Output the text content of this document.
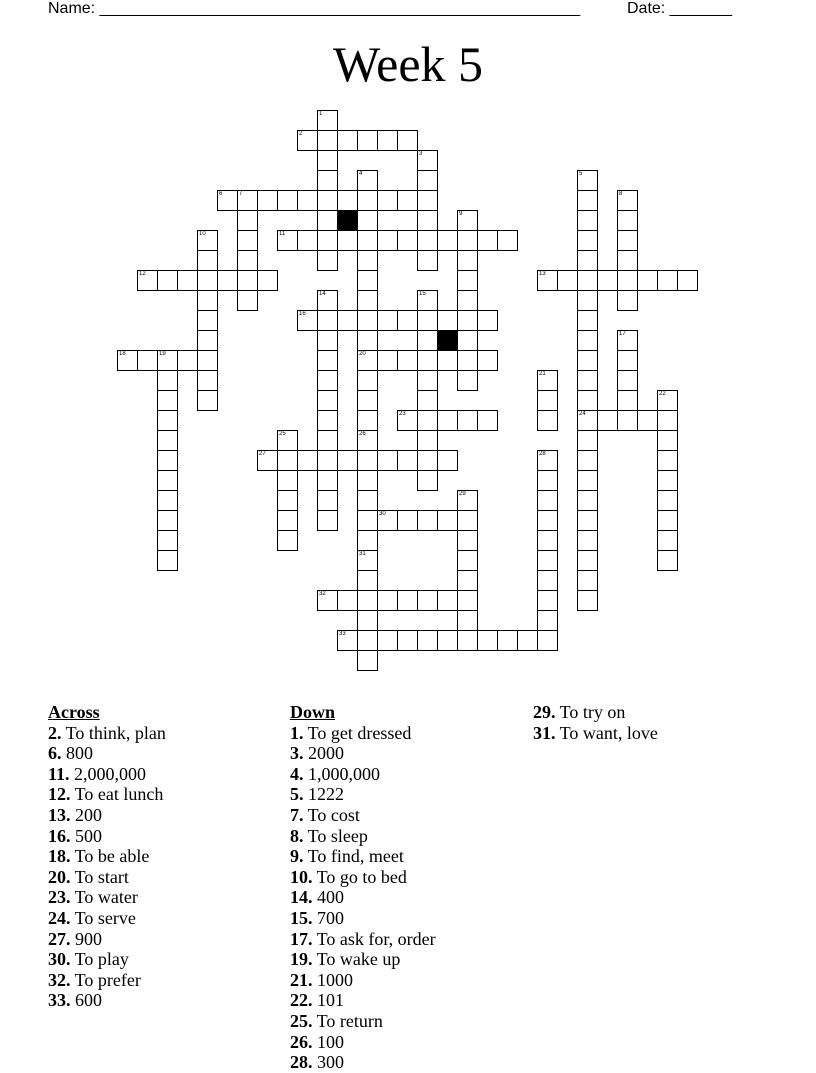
Name: ______________________________________________________	Date: _______
Week 5
1
2
3
4	5
6	7	8
9
10	11
12	13
14	15
16
17
18	19	20
21
22
23	24
25	26
27	28
29
30
31
32
33
Across
2. To think, plan
6. 800
11. 2,000,000
12. To eat lunch
13. 200
16. 500
18. To be able
20. To start
23. To water
24. To serve
27. 900
30. To play
32. To prefer
33. 600
Down
1. To get dressed
3. 2000
4. 1,000,000
5. 1222
7. To cost
8. To sleep
9. To find, meet
10. To go to bed
14. 400
15. 700
17. To ask for, order
19. To wake up
21. 1000
22. 101
25. To return
26. 100
28. 300
29. To try on
31. To want, love
